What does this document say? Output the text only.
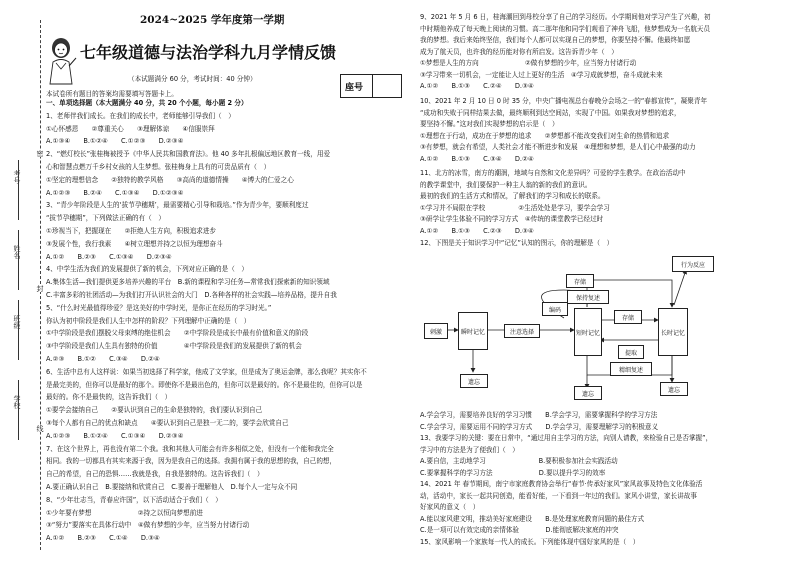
考号
姓名
班级
学校
密
封
线
2024~2025 学年度第一学期
七年级道德与法治学科九月学情反馈
（本试题满分 60 分，考试时间：40 分钟）
座号
本试卷所有题目的答案均需要填写答题卡上。
一、单项选择题（本大题满分 40 分，共 20 个小题，每小题 2 分）
1、老师伴我们成长。在我们的成长中，老师能够引导我们（　）
①心怀感恩　　②尊重关心　　③理解体谅　　④信服崇拜
A.①③④　　B.①②④　　C.①②③　　D.②③④
2、“燃灯校长”张桂梅被授予《中华人民共和国教育法》。他 40 多年扎根偏远地区教育一线，用爱
心和智慧点燃万千乡村女孩的人生梦想。张桂梅身上具有的可贵品质有（　）
①坚定的理想信念　　②独特的教学风格　　③高尚的道德情操　　④博大的仁爱之心
A.①②③　　B.②④　　C.①③④　　D.①②③④
3、“青少年阶段是人生的‘拔节孕穗期’，最需要精心引导和栽培。”作为青少年，要顺利度过
“拔节孕穗期”，下列做法正确的有（　）
①珍视当下，把握现在　　②拒绝人生方向，积极追求进步
③发展个性，我行我素　　④树立理想并持之以恒为理想奋斗
A.①②　　B.②③　　C.①③④　　D.②③④
4、中学生活为我们的发展提供了新的机会，下列对应正确的是（　）
A.集体生活—我们提供更多培养兴趣的平台　B.新的课程和学习任务—常常我们探索新的知识领域
C.丰富多彩的社团活动—为我们打开认识社会的大门　D.各种各样的社会实践—培养品格，提升自我
5、“什么时光最值得珍爱？是这美好的中学时光，是你正在经历的学习时光。”
你认为初中阶段是我们人生中怎样的阶段？下列理解中正确的是（　）
①中学阶段是我们摆脱父母束缚的绝佳机会　　②中学阶段是成长中最有价值和意义的阶段
③中学阶段是我们人生具有独特的价值　　　　④中学阶段是我们的发展提供了新的机会
A.②③　　B.①②　　C.③④　　D.②④
6、生活中总有人这样说：如果当初选择了科学家，他成了文学家，但是成为了奥运金牌，那么我呢？其实你不
是最完美的，但你可以是最好的那个。即使你不是最出色的，但你可以是最好的。你不是最佳的，但你可以是
最好的。你不是最快的，这告诉我们（　）
①要学会接纳自己　　②要认识到自己的生命是独特的，我们要认识到自己
③每个人都有自己的优点和缺点　　④要认识到自己是独一无二的，要学会欣赏自己
A.①②③　　B.①②④　　C.①③④　　D.②③④
7、在这个世界上，再也没有第二个我。我和其他人可能会有许多相似之处，但没有一个能和我完全
相同。我的一切都具有其实来源于我，因为是我自己的选择。我拥有属于我的思想的我，自己的想，
自己的希望，自己的恐惧……我就是我，自我是独特的。这告诉我们（　）
A.要正确认识自己　B.要接纳和欣赏自己　C.要善于理解他人　D.每个人一定与众不同
8、“少年壮志当，青春应许国”，以下活动适合于我们（　）
①少年要有梦想　　　　　　　②持之以恒向梦想前进
③“努力”要落实在具体行动中　④做有梦想的少年，应当努力付诸行动
A.①②　　B.②③　　C.①④　　D.③④
9、2021 年 5 月 6 日，桂海潮回到母校分享了自己的学习经历。小学期间他对学习产生了兴趣，初
中时期他养成了每天晚上阅读的习惯。高二那年他和同学们观看了神舟飞船，他梦想成为一名航天员
我的梦想。我后来始终坚信，我们每个人都可以实现自己的梦想，你要坚持不懈。他最终如愿
成为了航天员，也许我的经历能对你有所启发。这告诉青少年（　）
①梦想是人生的方向　　　　　　　②做有梦想的少年，应当努力付诸行动
③学习带来一切机会，一定能让人过上更好的生活　④学习成就梦想，奋斗成就未来
A.①②　　B.①③　　C.②④　　D.③④
10、2021 年 2 月 10 日 0 时 35 分，中央广播电视总台春晚分会场之一的“春都宣传”，凝聚青年
“成功和失败于同样结果去做，最终顺利到达空间站，实现了中国。如果我对梦想的追求，
要坚持不懈。”这对我们实现梦想的启示是（　）
①理想在于行动，成功在于梦想的追求　　②梦想都不能改变我们对生命的热情和追求
③有梦想，就会有希望，人类社会才能不断进步和发展　④理想和梦想，是人们心中最强的动力
A.①②　　B.①③　　C.③④　　D.②④
11、北方的冰雪，南方的潮润，地域与自然和文化差异吗？可爱的学生教学。在政治活动中
的教学课堂中，我们要保护一种主人翁的新的我们的意识。
最初的我们的生活方式和情况，了解我们的学习和成长的联系。
①学习并不局限在学校　　　　　②生活处处是学习，要学会学习
③研学让学生体验不同的学习方式　④传统的课堂教学已经过时
A.①②　　B.①③　　C.②③　　D.③④
12、下图是关于知识学习中“记忆”认知的图示，你的理解是（　）
刺激	瞬时记忆	注意选择
编码
保持复述
短时记忆
存储
存储
提取
精细复述
长时记忆
行为反应
遗忘
遗忘
遗忘
A.学会学习，需要培养良好的学习习惯　　B.学会学习，需要掌握科学的学习方法
C.学会学习，需要运用不同的学习方式　　D.学会学习，需要理解学习的积极意义
13、我要学习的关键：要在日常中，“通过用自主学习的方法，向别人请教，来检验自己是否掌握”，
学习中的方法是为了便我们（　）
A.要自信，主动地学习　　　　　　　　B.要积极参加社会实践活动
C.要掌握科学的学习方法　　　　　　　D.要以提升学习的效率
14、2021 年 春节期间，南宁市家庭教育协会举行“春节·传承好家风”家风故事及特色文化体验活
动，活动中，家长一起共同创造，能看好能，一下看到一年过的我们。家风小讲堂，家长讲故事
好家风的意义（　）
A.能以家风建文明，推动美好家庭建设　　B.是处理家庭教育问题的最佳方式
C.是一项可以有效完成的亲情体验　　　　D.能彻底解决家庭的冲突
15、家风影响一个家族每一代人的成长。下列能体现中国好家风的是（　）
